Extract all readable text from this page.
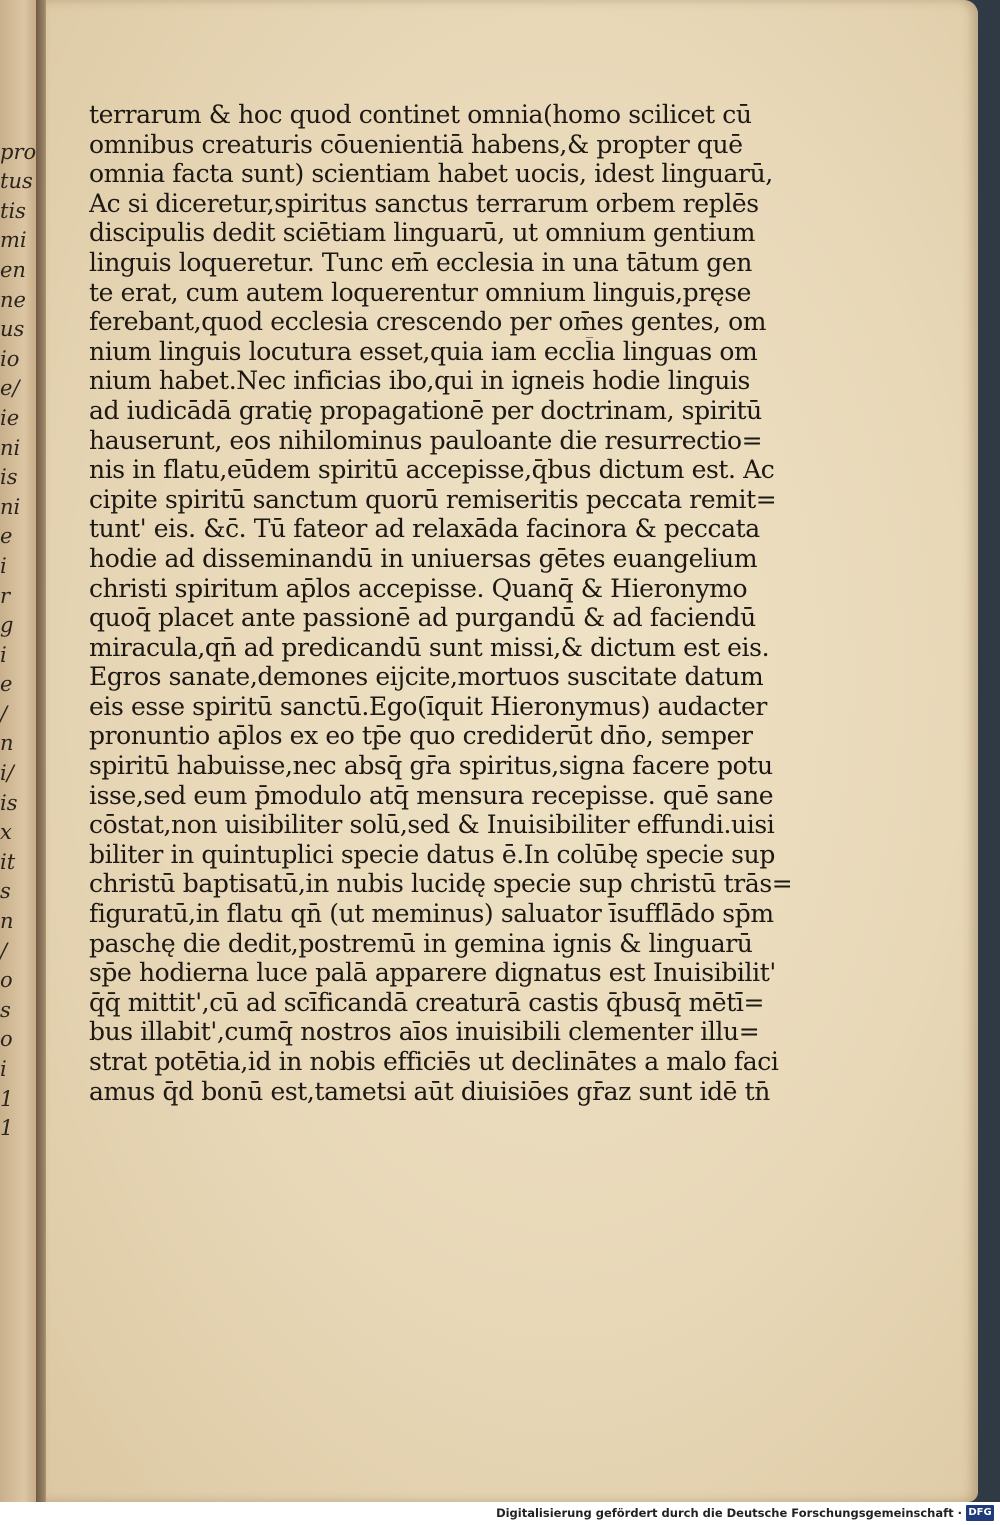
pro
tus
tis
mi
en
ne
us
io
e/
ie
ni
is
ni
e
i
r
g
i
e
/
n
i/
is
x
it
s
n
/
o
s
o
i
1
1
terrarum & hoc quod continet omnia(homo scilicet cū
omnibus creaturis cōuenientiā habens,& propter quē
omnia facta sunt) scientiam habet uocis, idest linguarū,
Ac si diceretur,spiritus sanctus terrarum orbem replēs
discipulis dedit sciētiam linguarū, ut omnium gentium
linguis loqueretur. Tunc em̄ ecclesia in una tātum gen
te erat, cum autem loquerentur omnium linguis,pręse
ferebant,quod ecclesia crescendo per om̄es gentes, om
nium linguis locutura esset,quia iam eccl̄ia linguas om
nium habet.Nec inficias ibo,qui in igneis hodie linguis
ad iudicādā gratię propagationē per doctrinam, spiritū
hauserunt, eos nihilominus pauloante die resurrectio=
nis in flatu,eūdem spiritū accepisse,q̄bus dictum est. Ac
cipite spiritū sanctum quorū remiseritis peccata remit=
tunt' eis. &c̄. Tū fateor ad relaxāda facinora & peccata
hodie ad disseminandū in uniuersas gētes euangelium
christi spiritum ap̄los accepisse. Quanq̄ & Hieronymo
quoq̄ placet ante passionē ad purgandū & ad faciendū
miracula,qn̄ ad predicandū sunt missi,& dictum est eis.
Egros sanate,demones eijcite,mortuos suscitate datum
eis esse spiritū sanctū.Ego(īquit Hieronymus) audacter
pronuntio ap̄los ex eo tp̄e quo crediderūt dn̄o, semper
spiritū habuisse,nec absq̄ gr̄a spiritus,signa facere potu
isse,sed eum p̄modulo atq̄ mensura recepisse. quē sane
cōstat,non uisibiliter solū,sed & Inuisibiliter effundi.uisi
biliter in quintuplici specie datus ē.In colūbę specie sup
christū baptisatū,in nubis lucidę specie sup christū trās=
figuratū,in flatu qn̄ (ut meminus) saluator īsufflādo sp̄m
paschę die dedit,postremū in gemina ignis & linguarū
sp̄e hodierna luce palā apparere dignatus est Inuisibilit'
q̄q̄ mittit',cū ad scīficandā creaturā castis q̄busq̄ mētī=
bus illabit',cumq̄ nostros aīos inuisibili clementer illu=
strat potētia,id in nobis efficiēs ut declinātes a malo faci
amus q̄d bonū est,tametsi aūt diuisiōes gr̄az sunt idē tn̄
Digitalisierung gefördert durch die Deutsche Forschungsgemeinschaft · DFG
